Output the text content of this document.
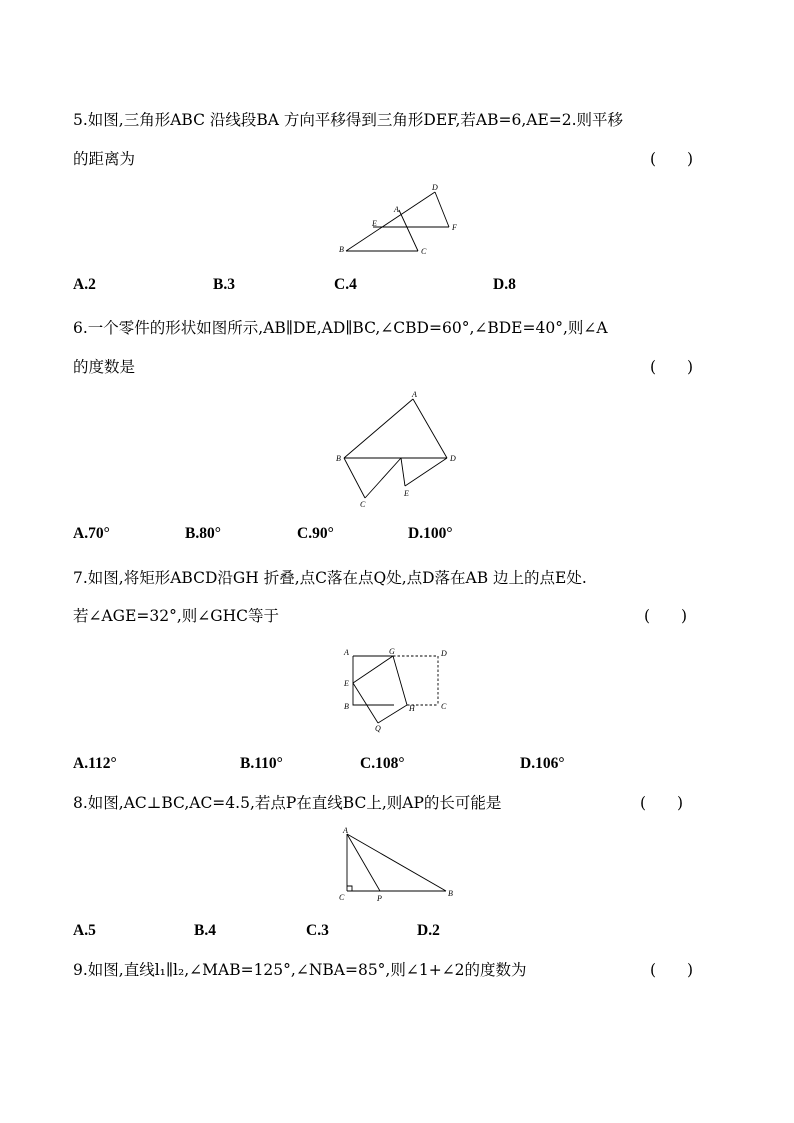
5.如图,三角形ABC 沿线段BA 方向平移得到三角形DEF,若AB=6,AE=2.则平移
的距离为	(　　)
D
A
E	F
B	C
A.2	B.3	C.4	D.8
6.一个零件的形状如图所示,AB∥DE,AD∥BC,∠CBD=60°,∠BDE=40°,则∠A
的度数是	(　　)
A
B	D
C
E
A.70°	B.80°	C.90°	D.100°
7.如图,将矩形ABCD沿GH 折叠,点C落在点Q处,点D落在AB 边上的点E处.
若∠AGE=32°,则∠GHC等于	(　　)
A	G	D
E
B	H	C
Q
A.112°	B.110°	C.108°	D.106°
8.如图,AC⊥BC,AC=4.5,若点P在直线BC上,则AP的长可能是	(　　)
A
C	P
B
A.5	B.4	C.3	D.2
9.如图,直线l₁∥l₂,∠MAB=125°,∠NBA=85°,则∠1+∠2的度数为	(　　)
